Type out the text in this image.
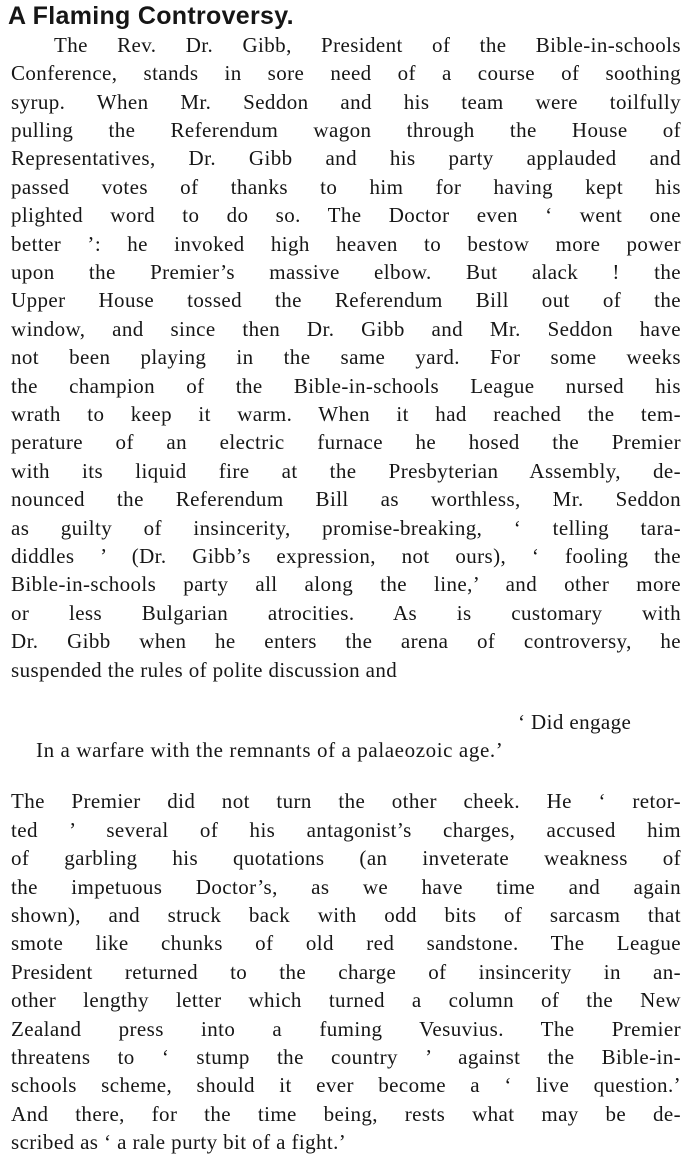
A Flaming Controversy.

The Rev. Dr. Gibb, President of the Bible-in-schools

Conference, stands in sore need of a course of soothing

syrup. When Mr. Seddon and his team were toilfully

pulling the Referendum wagon through the House of

Representatives, Dr. Gibb and his party applauded and

passed votes of thanks to him for having kept his

plighted word to do so. The Doctor even ‘ went one

better ’: he invoked high heaven to bestow more power

upon the Premier’s massive elbow. But alack ! the

Upper House tossed the Referendum Bill out of the

window, and since then Dr. Gibb and Mr. Seddon have

not been playing in the same yard. For some weeks

the champion of the Bible-in-schools League nursed his

wrath to keep it warm. When it had reached the tem-

perature of an electric furnace he hosed the Premier

with its liquid fire at the Presbyterian Assembly, de-

nounced the Referendum Bill as worthless, Mr. Seddon

as guilty of insincerity, promise-breaking, ‘ telling tara-

diddles ’ (Dr. Gibb’s expression, not ours), ‘ fooling the

Bible-in-schools party all along the line,’ and other more

or less Bulgarian atrocities. As is customary with

Dr. Gibb when he enters the arena of controversy, he

suspended the rules of polite discussion and

‘ Did engage

In a warfare with the remnants of a palaeozoic age.’

The Premier did not turn the other cheek. He ‘ retor-

ted ’ several of his antagonist’s charges, accused him

of garbling his quotations (an inveterate weakness of

the impetuous Doctor’s, as we have time and again

shown), and struck back with odd bits of sarcasm that

smote like chunks of old red sandstone. The League

President returned to the charge of insincerity in an-

other lengthy letter which turned a column of the New

Zealand press into a fuming Vesuvius. The Premier

threatens to ‘ stump the country ’ against the Bible-in-

schools scheme, should it ever become a ‘ live question.’

And there, for the time being, rests what may be de-

scribed as ‘ a rale purty bit of a fight.’
